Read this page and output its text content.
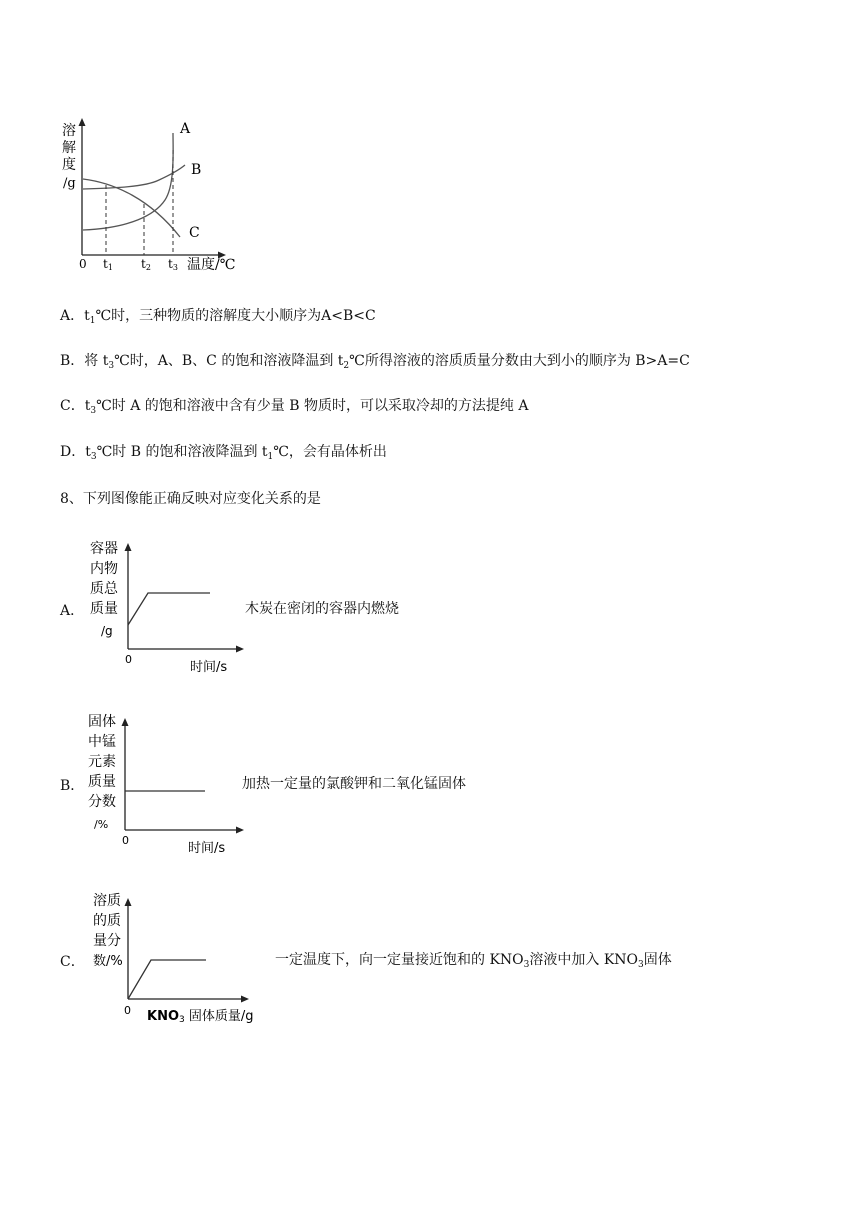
溶
解
度
/g
A
B
C
0 t1 t2 t3 温度/℃
A．$t_1℃$时，三种物质的溶解度大小顺序为A<B<C
B．将 $t_3℃$时，A、B、C 的饱和溶液降温到 $t_2℃$所得溶液的溶质质量分数由大到小的顺序为 B>A=C
C．$t_3℃$时 A 的饱和溶液中含有少量 B 物质时，可以采取冷却的方法提纯 A
D．$t_3℃$时 B 的饱和溶液降温到 $t_1℃$，会有晶体析出
8、下列图像能正确反映对应变化关系的是
A．
容器
内物
质总
质量
/g
0
时间/s
木炭在密闭的容器内燃烧
B．
固体
中锰
元素
质量
分数
/%
0
时间/s
加热一定量的氯酸钾和二氧化锰固体
C．
溶质
的质
量分
数/%
0 KNO3 固体质量/g
一定温度下，向一定量接近饱和的 $KNO_3$溶液中加入 $KNO_3$固体
